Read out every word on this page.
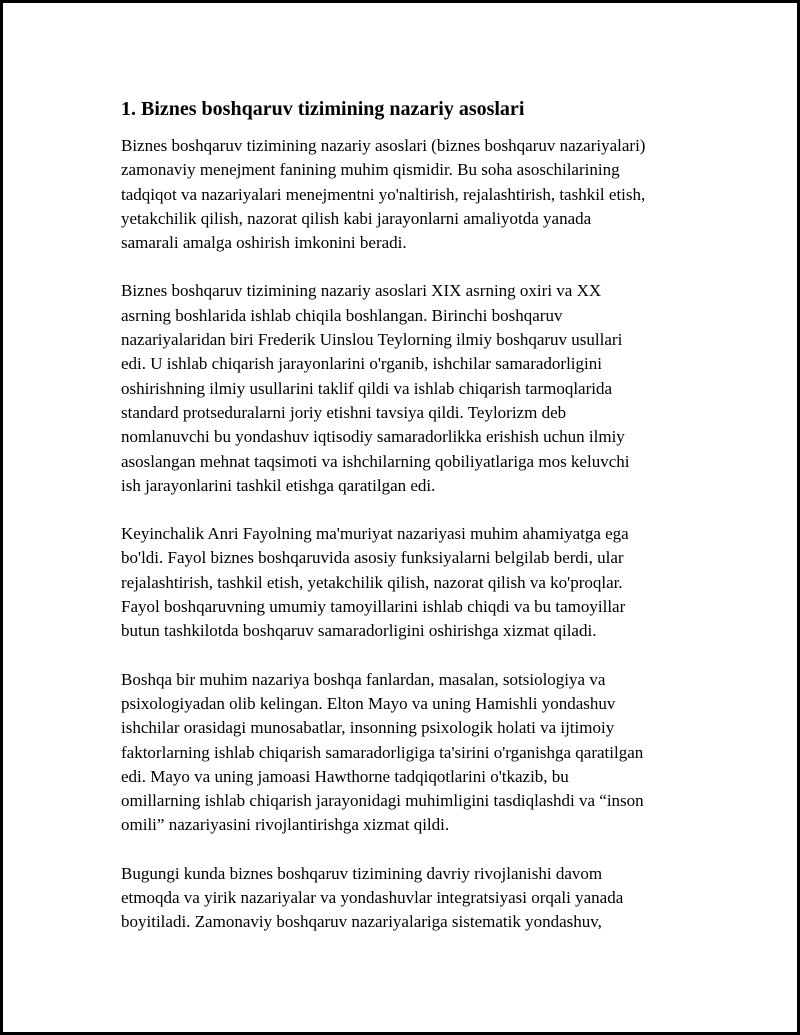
1. Biznes boshqaruv tizimining nazariy asoslari

Biznes boshqaruv tizimining nazariy asoslari (biznes boshqaruv nazariyalari)
zamonaviy menejment fanining muhim qismidir. Bu soha asoschilarining
tadqiqot va nazariyalari menejmentni yo'naltirish, rejalashtirish, tashkil etish,
yetakchilik qilish, nazorat qilish kabi jarayonlarni amaliyotda yanada
samarali amalga oshirish imkonini beradi.

Biznes boshqaruv tizimining nazariy asoslari XIX asrning oxiri va XX
asrning boshlarida ishlab chiqila boshlangan. Birinchi boshqaruv
nazariyalaridan biri Frederik Uinslou Teylorning ilmiy boshqaruv usullari
edi. U ishlab chiqarish jarayonlarini o'rganib, ishchilar samaradorligini
oshirishning ilmiy usullarini taklif qildi va ishlab chiqarish tarmoqlarida
standard protseduralarni joriy etishni tavsiya qildi. Teylorizm deb
nomlanuvchi bu yondashuv iqtisodiy samaradorlikka erishish uchun ilmiy
asoslangan mehnat taqsimoti va ishchilarning qobiliyatlariga mos keluvchi
ish jarayonlarini tashkil etishga qaratilgan edi.

Keyinchalik Anri Fayolning ma'muriyat nazariyasi muhim ahamiyatga ega
bo'ldi. Fayol biznes boshqaruvida asosiy funksiyalarni belgilab berdi, ular
rejalashtirish, tashkil etish, yetakchilik qilish, nazorat qilish va ko'proqlar.
Fayol boshqaruvning umumiy tamoyillarini ishlab chiqdi va bu tamoyillar
butun tashkilotda boshqaruv samaradorligini oshirishga xizmat qiladi.

Boshqa bir muhim nazariya boshqa fanlardan, masalan, sotsiologiya va
psixologiyadan olib kelingan. Elton Mayo va uning Hamishli yondashuv
ishchilar orasidagi munosabatlar, insonning psixologik holati va ijtimoiy
faktorlarning ishlab chiqarish samaradorligiga ta'sirini o'rganishga qaratilgan
edi. Mayo va uning jamoasi Hawthorne tadqiqotlarini o'tkazib, bu
omillarning ishlab chiqarish jarayonidagi muhimligini tasdiqlashdi va “inson
omili” nazariyasini rivojlantirishga xizmat qildi.

Bugungi kunda biznes boshqaruv tizimining davriy rivojlanishi davom
etmoqda va yirik nazariyalar va yondashuvlar integratsiyasi orqali yanada
boyitiladi. Zamonaviy boshqaruv nazariyalariga sistematik yondashuv,
